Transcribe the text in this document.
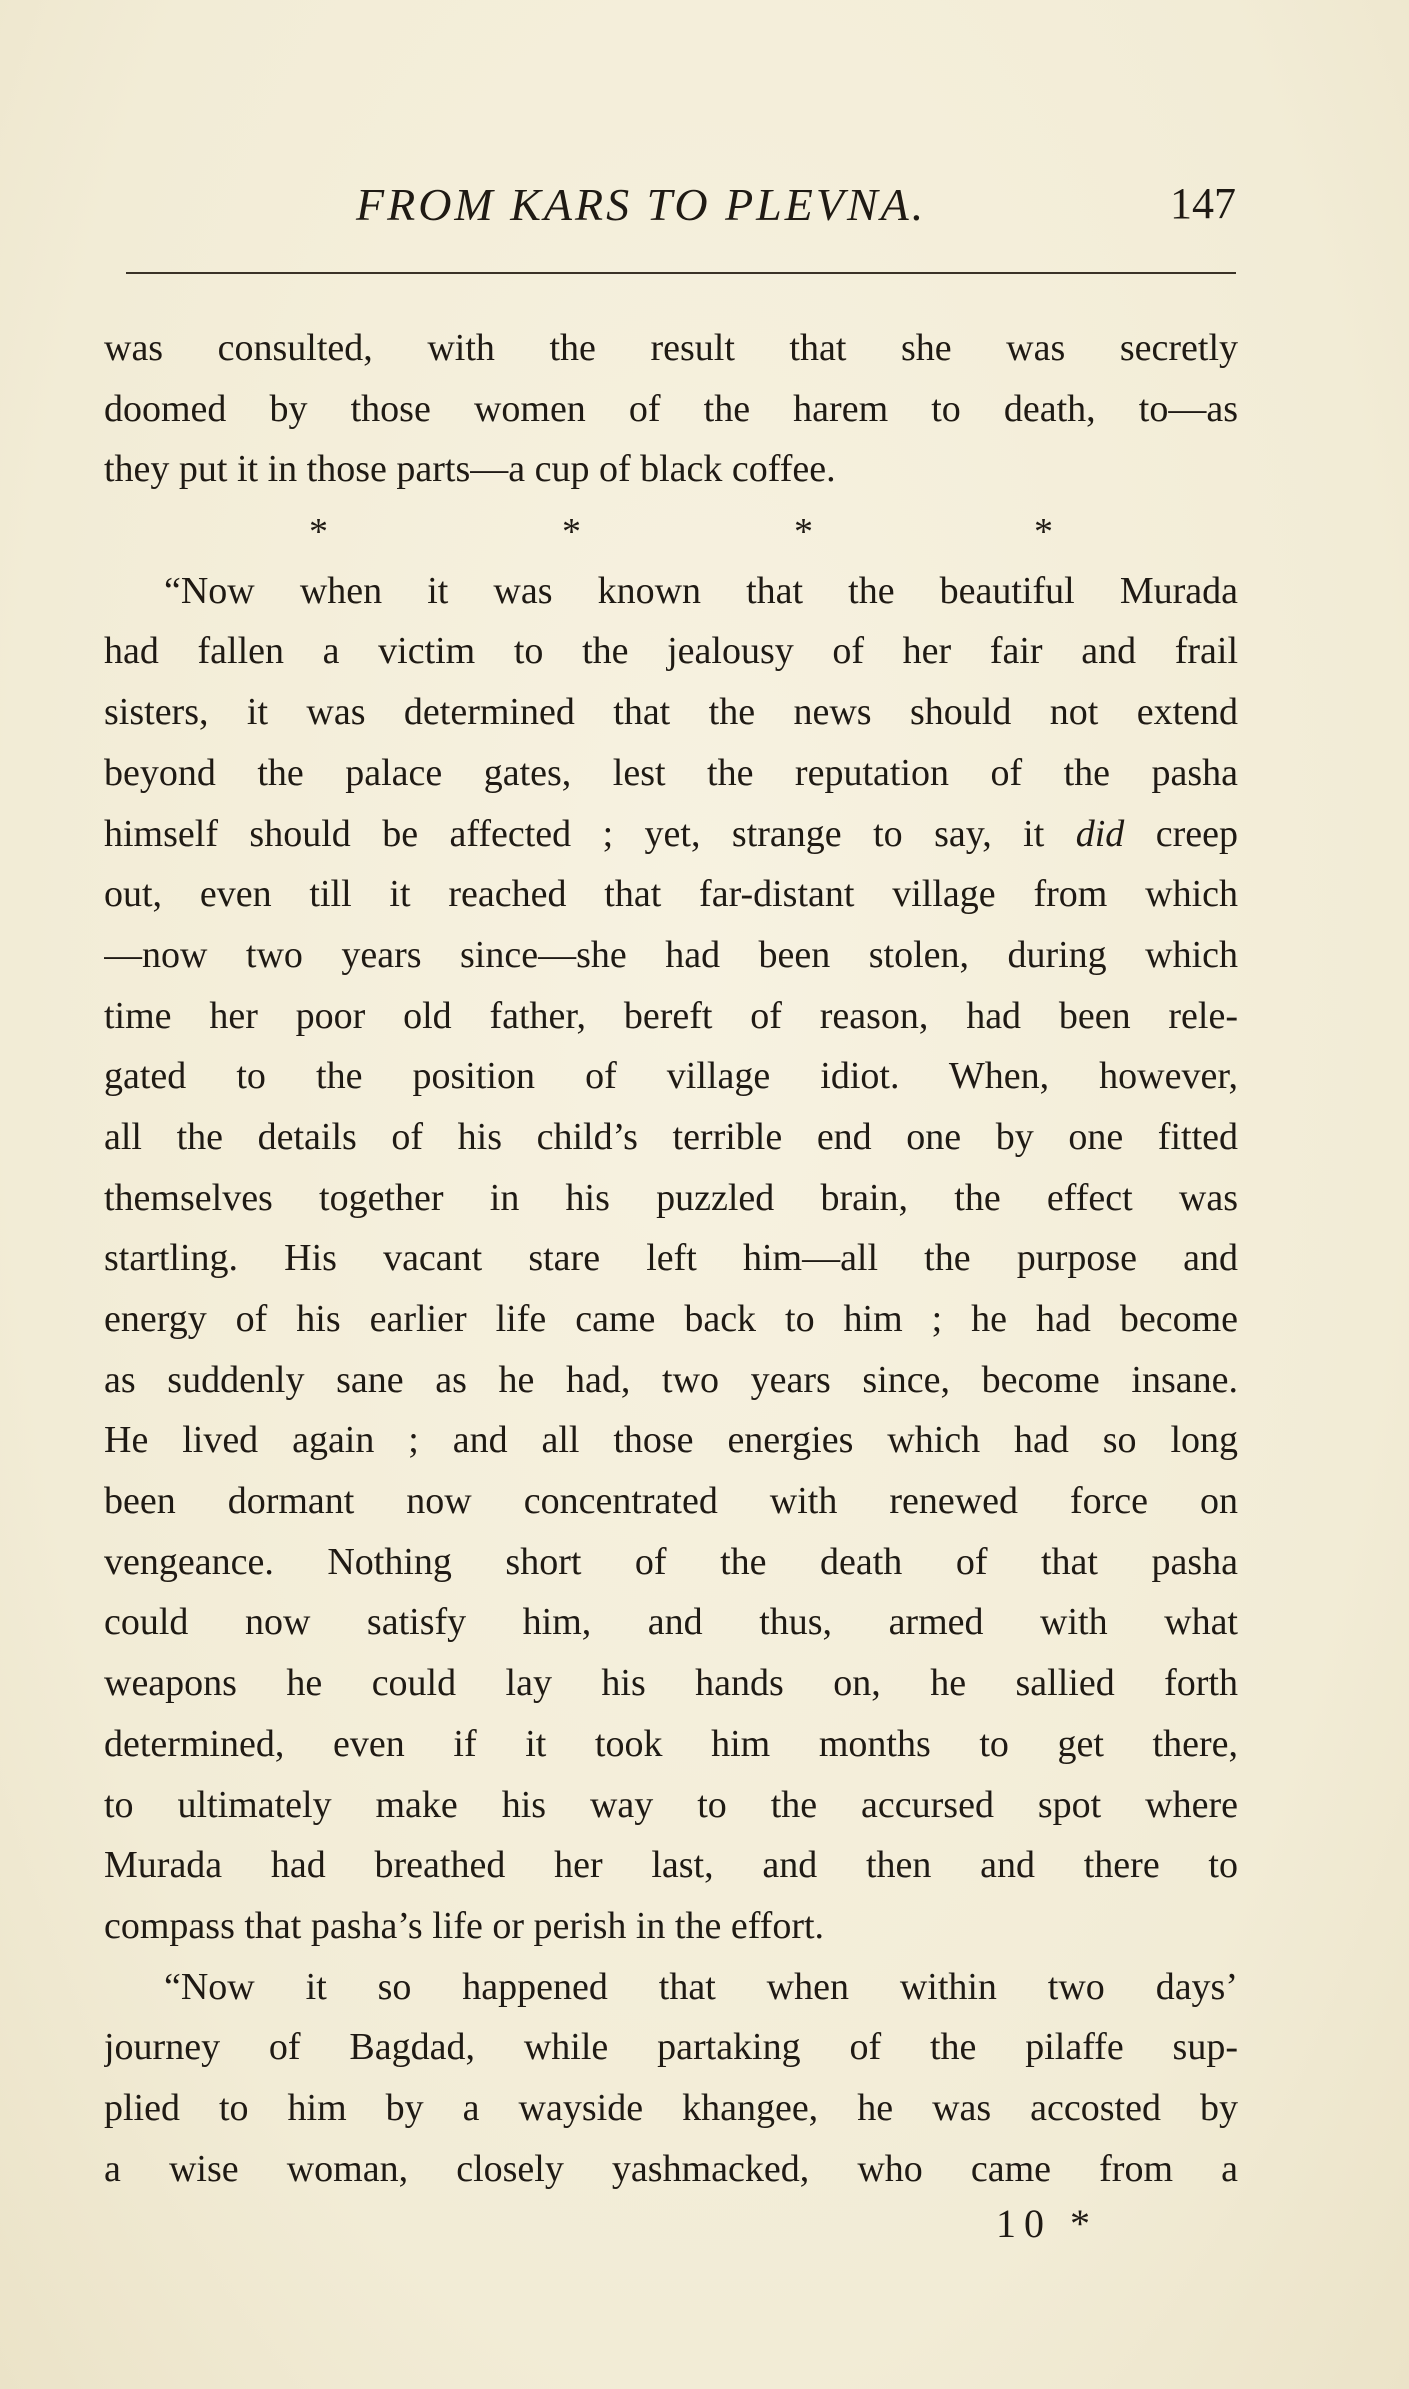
FROM KARS TO PLEVNA.	147
was consulted, with the result that she was secretly
doomed by those women of the harem to death, to—as
they put it in those parts—a cup of black coffee.
*	*	*	*
“Now when it was known that the beautiful Murada
had fallen a victim to the jealousy of her fair and frail
sisters, it was determined that the news should not extend
beyond the palace gates, lest the reputation of the pasha
himself should be affected ; yet, strange to say, it did creep
out, even till it reached that far-distant village from which
—now two years since—she had been stolen, during which
time her poor old father, bereft of reason, had been rele-
gated to the position of village idiot. When, however,
all the details of his child’s terrible end one by one fitted
themselves together in his puzzled brain, the effect was
startling. His vacant stare left him—all the purpose and
energy of his earlier life came back to him ; he had become
as suddenly sane as he had, two years since, become insane.
He lived again ; and all those energies which had so long
been dormant now concentrated with renewed force on
vengeance. Nothing short of the death of that pasha
could now satisfy him, and thus, armed with what
weapons he could lay his hands on, he sallied forth
determined, even if it took him months to get there,
to ultimately make his way to the accursed spot where
Murada had breathed her last, and then and there to
compass that pasha’s life or perish in the effort.
“Now it so happened that when within two days’
journey of Bagdad, while partaking of the pilaffe sup-
plied to him by a wayside khangee, he was accosted by
a wise woman, closely yashmacked, who came from a
10 *
